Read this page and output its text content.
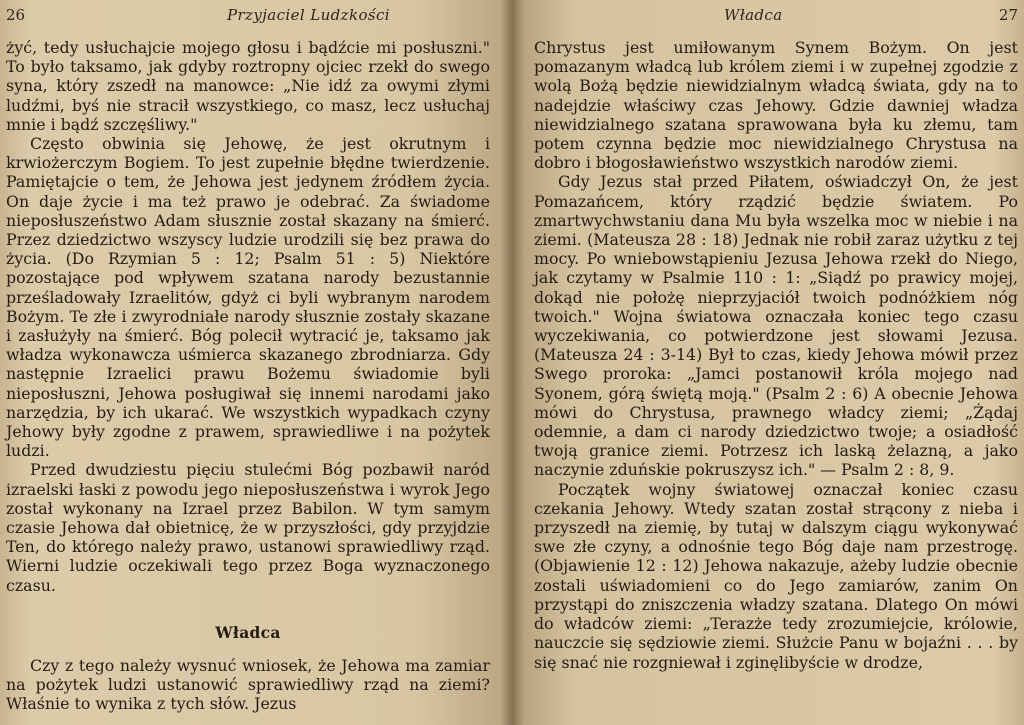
26	Przyjaciel Ludzkości

żyć, tedy usłuchajcie mojego głosu i bądźcie mi posłuszni." To było taksamo, jak gdyby roztropny ojciec rzekł do swego syna, który zszedł na manowce: „Nie idź za owymi złymi ludźmi, byś nie stracił wszystkiego, co masz, lecz usłuchaj mnie i bądź szczęśliwy."

Często obwinia się Jehowę, że jest okrutnym i krwiożerczym Bogiem. To jest zupełnie błędne twierdzenie. Pamiętajcie o tem, że Jehowa jest jedynem źródłem życia. On daje życie i ma też prawo je odebrać. Za świadome nieposłuszeństwo Adam słusznie został skazany na śmierć. Przez dziedzictwo wszyscy ludzie urodzili się bez prawa do życia. (Do Rzymian 5 : 12; Psalm 51 : 5) Niektóre pozostające pod wpływem szatana narody bezustannie prześladowały Izraelitów, gdyż ci byli wybranym narodem Bożym. Te złe i zwyrodniałe narody słusznie zostały skazane i zasłużyły na śmierć. Bóg polecił wytracić je, taksamo jak władza wykonawcza uśmierca skazanego zbrodniarza. Gdy następnie Izraelici prawu Bożemu świadomie byli nieposłuszni, Jehowa posługiwał się innemi narodami jako narzędzia, by ich ukarać. We wszystkich wypadkach czyny Jehowy były zgodne z prawem, sprawiedliwe i na pożytek ludzi.

Przed dwudziestu pięciu stulećmi Bóg pozbawił naród izraelski łaski z powodu jego nieposłuszeństwa i wyrok Jego został wykonany na Izrael przez Babilon. W tym samym czasie Jehowa dał obietnicę, że w przyszłości, gdy przyjdzie Ten, do którego należy prawo, ustanowi sprawiedliwy rząd. Wierni ludzie oczekiwali tego przez Boga wyznaczonego czasu.

Władca

Czy z tego należy wysnuć wniosek, że Jehowa ma zamiar na pożytek ludzi ustanowić sprawiedliwy rząd na ziemi? Właśnie to wynika z tych słów. Jezus

Władca	27

Chrystus jest umiłowanym Synem Bożym. On jest pomazanym władcą lub królem ziemi i w zupełnej zgodzie z wolą Bożą będzie niewidzialnym władcą świata, gdy na to nadejdzie właściwy czas Jehowy. Gdzie dawniej władza niewidzialnego szatana sprawowana była ku złemu, tam potem czynna będzie moc niewidzialnego Chrystusa na dobro i błogosławieństwo wszystkich narodów ziemi.

Gdy Jezus stał przed Piłatem, oświadczył On, że jest Pomazańcem, który rządzić będzie światem. Po zmartwychwstaniu dana Mu była wszelka moc w niebie i na ziemi. (Mateusza 28 : 18) Jednak nie robił zaraz użytku z tej mocy. Po wniebowstąpieniu Jezusa Jehowa rzekł do Niego, jak czytamy w Psalmie 110 : 1: „Siądź po prawicy mojej, dokąd nie położę nieprzyjaciół twoich podnóżkiem nóg twoich." Wojna światowa oznaczała koniec tego czasu wyczekiwania, co potwierdzone jest słowami Jezusa. (Mateusza 24 : 3-14) Był to czas, kiedy Jehowa mówił przez Swego proroka: „Jamci postanowił króla mojego nad Syonem, górą świętą moją." (Psalm 2 : 6) A obecnie Jehowa mówi do Chrystusa, prawnego władcy ziemi; „Żądaj odemnie, a dam ci narody dziedzictwo twoje; a osiadłość twoją granice ziemi. Potrzesz ich laską żelazną, a jako naczynie zduńskie pokruszysz ich." — Psalm 2 : 8, 9.

Początek wojny światowej oznaczał koniec czasu czekania Jehowy. Wtedy szatan został strącony z nieba i przyszedł na ziemię, by tutaj w dalszym ciągu wykonywać swe złe czyny, a odnośnie tego Bóg daje nam przestrogę. (Objawienie 12 : 12) Jehowa nakazuje, ażeby ludzie obecnie zostali uświadomieni co do Jego zamiarów, zanim On przystąpi do zniszczenia władzy szatana. Dlatego On mówi do władców ziemi: „Terazże tedy zrozumiejcie, królowie, nauczcie się sędziowie ziemi. Służcie Panu w bojaźni . . . by się snać nie rozgniewał i zginęlibyście w drodze,
